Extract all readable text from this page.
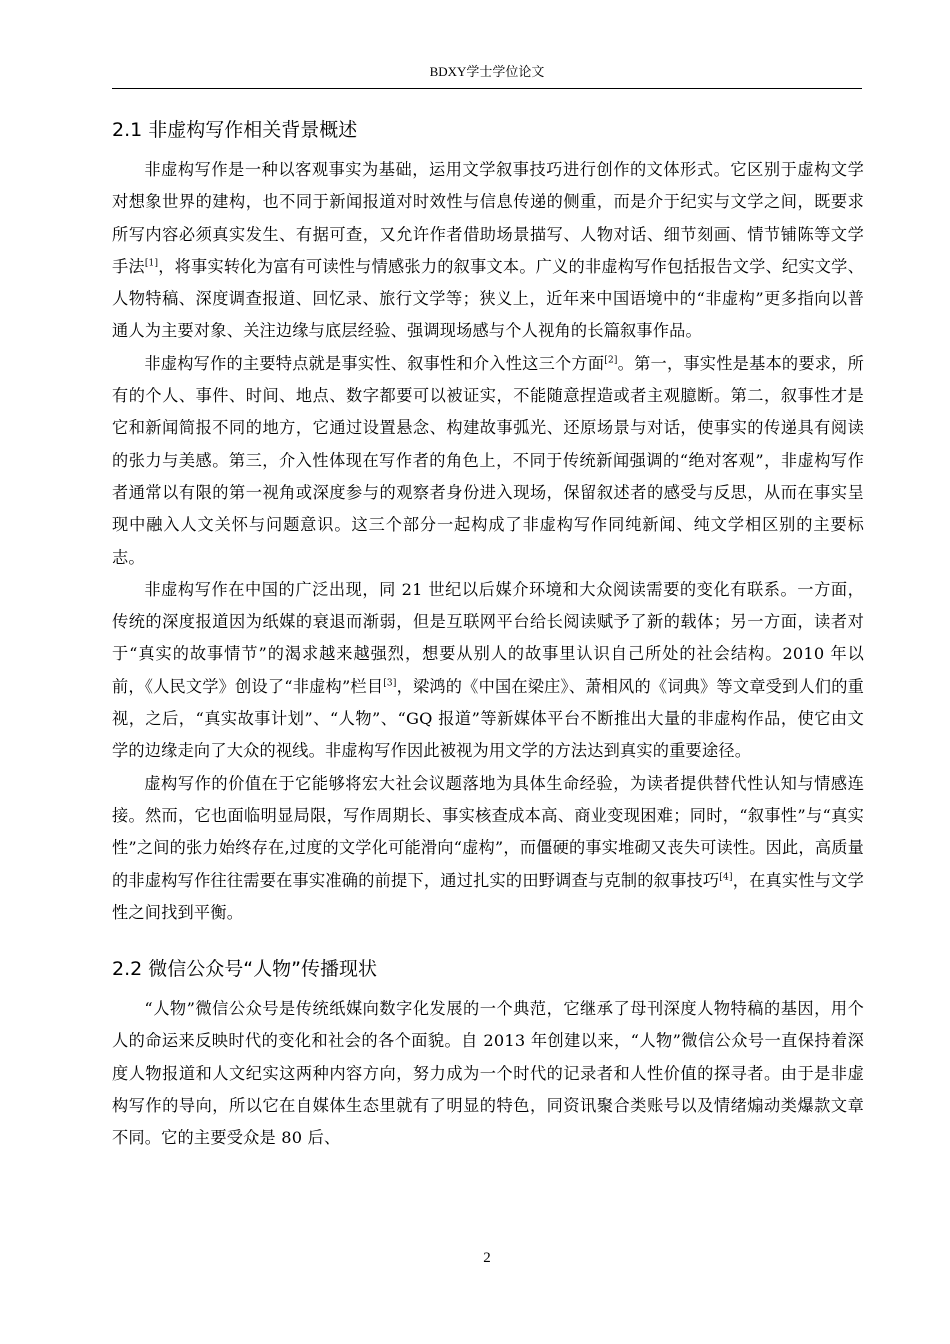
BDXY学士学位论文
2.1 非虚构写作相关背景概述

非虚构写作是一种以客观事实为基础，运用文学叙事技巧进行创作的文体形式。它区别于虚构文学对想象世界的建构，也不同于新闻报道对时效性与信息传递的侧重，而是介于纪实与文学之间，既要求所写内容必须真实发生、有据可查，又允许作者借助场景描写、人物对话、细节刻画、情节铺陈等文学手法[1]，将事实转化为富有可读性与情感张力的叙事文本。广义的非虚构写作包括报告文学、纪实文学、人物特稿、深度调查报道、回忆录、旅行文学等；狭义上，近年来中国语境中的“非虚构”更多指向以普通人为主要对象、关注边缘与底层经验、强调现场感与个人视角的长篇叙事作品。

非虚构写作的主要特点就是事实性、叙事性和介入性这三个方面[2]。第一，事实性是基本的要求，所有的个人、事件、时间、地点、数字都要可以被证实，不能随意捏造或者主观臆断。第二，叙事性才是它和新闻简报不同的地方，它通过设置悬念、构建故事弧光、还原场景与对话，使事实的传递具有阅读的张力与美感。第三，介入性体现在写作者的角色上，不同于传统新闻强调的“绝对客观”，非虚构写作者通常以有限的第一视角或深度参与的观察者身份进入现场，保留叙述者的感受与反思，从而在事实呈现中融入人文关怀与问题意识。这三个部分一起构成了非虚构写作同纯新闻、纯文学相区别的主要标志。

非虚构写作在中国的广泛出现，同 21 世纪以后媒介环境和大众阅读需要的变化有联系。一方面，传统的深度报道因为纸媒的衰退而渐弱，但是互联网平台给长阅读赋予了新的载体；另一方面，读者对于“真实的故事情节”的渴求越来越强烈，想要从别人的故事里认识自己所处的社会结构。2010 年以前，《人民文学》创设了“非虚构”栏目[3]，梁鸿的《中国在梁庄》、萧相风的《词典》等文章受到人们的重视，之后，“真实故事计划”、“人物”、“GQ 报道”等新媒体平台不断推出大量的非虚构作品，使它由文学的边缘走向了大众的视线。非虚构写作因此被视为用文学的方法达到真实的重要途径。

虚构写作的价值在于它能够将宏大社会议题落地为具体生命经验，为读者提供替代性认知与情感连接。然而，它也面临明显局限，写作周期长、事实核查成本高、商业变现困难；同时，“叙事性”与“真实性”之间的张力始终存在,过度的文学化可能滑向“虚构”，而僵硬的事实堆砌又丧失可读性。因此，高质量的非虚构写作往往需要在事实准确的前提下，通过扎实的田野调查与克制的叙事技巧[4]，在真实性与文学性之间找到平衡。

2.2 微信公众号“人物”传播现状

“人物”微信公众号是传统纸媒向数字化发展的一个典范，它继承了母刊深度人物特稿的基因，用个人的命运来反映时代的变化和社会的各个面貌。自 2013 年创建以来，“人物”微信公众号一直保持着深度人物报道和人文纪实这两种内容方向，努力成为一个时代的记录者和人性价值的探寻者。由于是非虚构写作的导向，所以它在自媒体生态里就有了明显的特色，同资讯聚合类账号以及情绪煽动类爆款文章不同。它的主要受众是 80 后、

2
